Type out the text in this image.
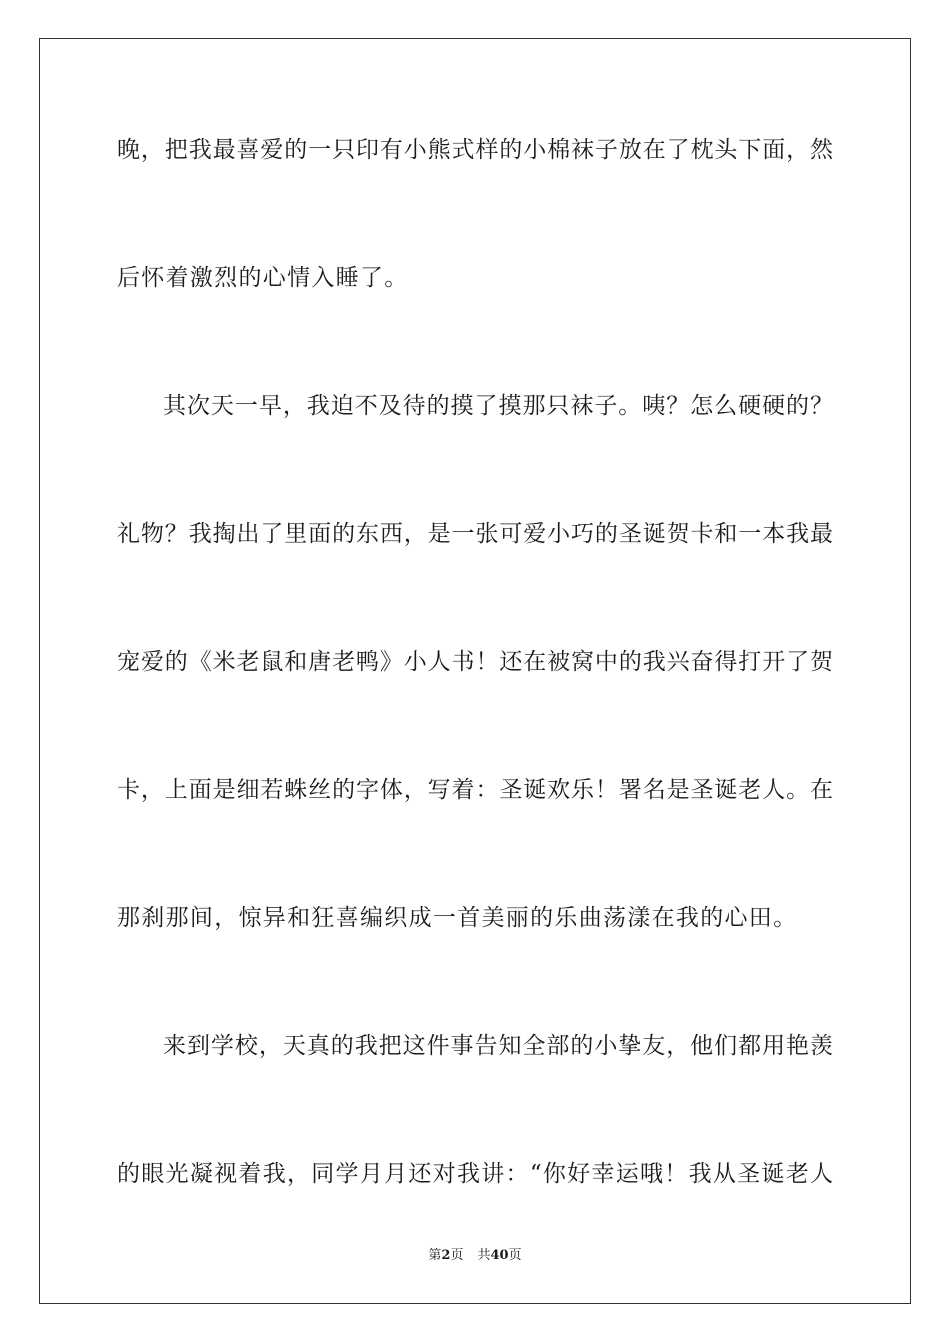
晚，把我最喜爱的一只印有小熊式样的小棉袜子放在了枕头下面，然
后怀着激烈的心情入睡了。
其次天一早，我迫不及待的摸了摸那只袜子。咦？怎么硬硬的？
礼物？我掏出了里面的东西，是一张可爱小巧的圣诞贺卡和一本我最
宠爱的《米老鼠和唐老鸭》小人书！还在被窝中的我兴奋得打开了贺
卡，上面是细若蛛丝的字体，写着：圣诞欢乐！署名是圣诞老人。在
那刹那间，惊异和狂喜编织成一首美丽的乐曲荡漾在我的心田。
来到学校，天真的我把这件事告知全部的小挚友，他们都用艳羡
的眼光凝视着我，同学月月还对我讲：“你好幸运哦！我从圣诞老人
第2页 共40页
